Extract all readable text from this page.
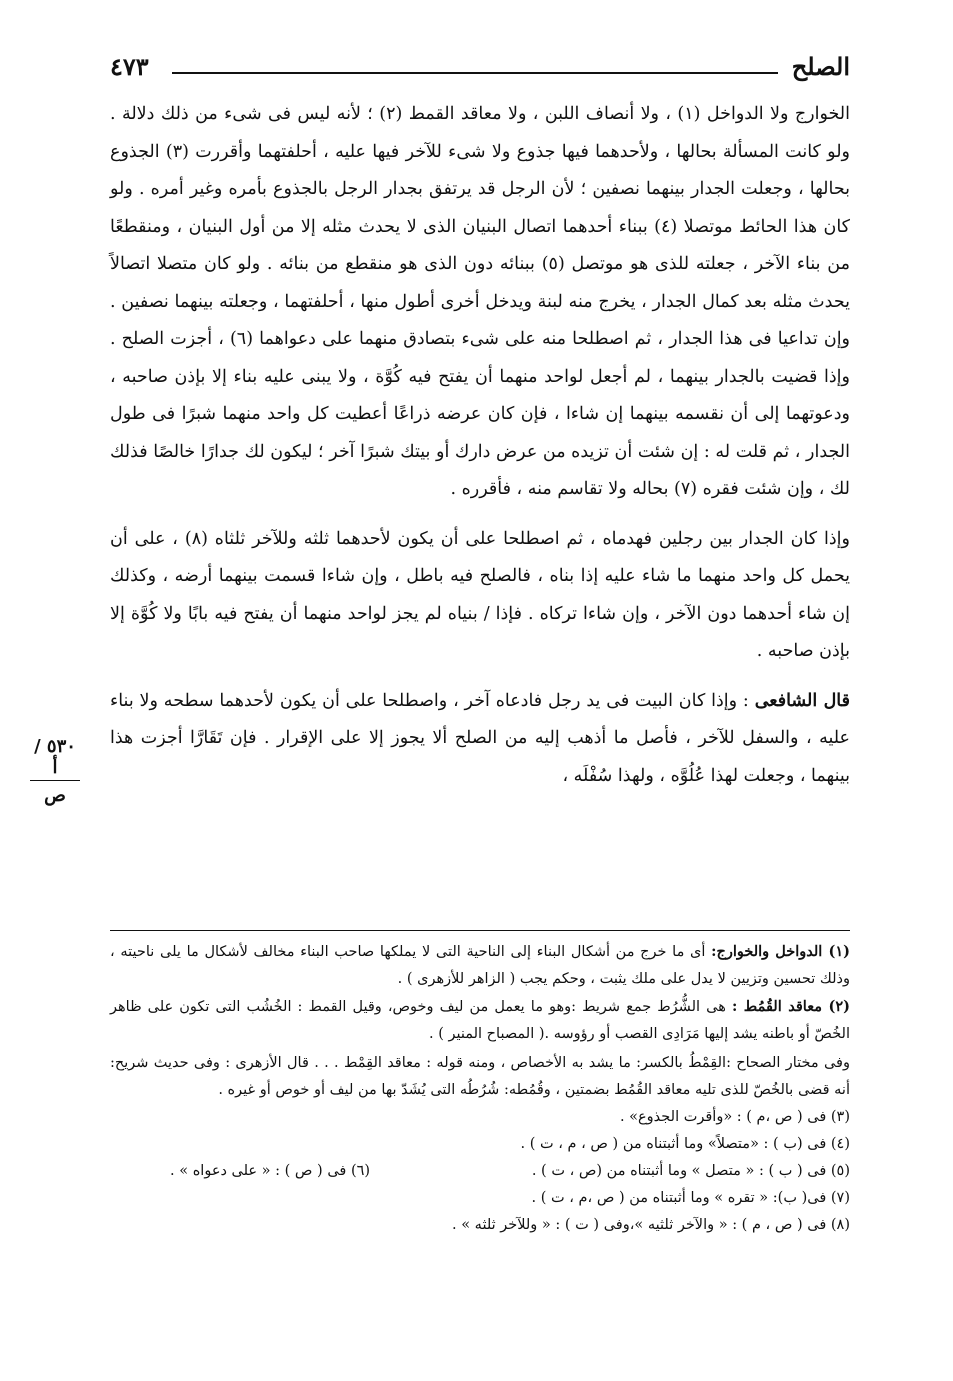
الصلح
٤٧٣
٥٣٠ / أ
ص

الخوارج ولا الدواخل (١) ، ولا أنصاف اللبن ، ولا معاقد القمط (٢) ؛ لأنه ليس فى شىء من ذلك دلالة . ولو كانت المسألة بحالها ، ولأحدهما فيها جذوع ولا شىء للآخر فيها عليه ، أحلفتهما وأقررت (٣) الجذوع بحالها ، وجعلت الجدار بينهما نصفين ؛ لأن الرجل قد يرتفق بجدار الرجل بالجذوع بأمره وغير أمره . ولو كان هذا الحائط موتصلا (٤) ببناء أحدهما اتصال البنيان الذى لا يحدث مثله إلا من أول البنيان ، ومنقطعًا من بناء الآخر ، جعلته للذى هو موتصل (٥) ببنائه دون الذى هو منقطع من بنائه . ولو كان متصلا اتصالاً يحدث مثله بعد كمال الجدار ، يخرج منه لبنة ويدخل أخرى أطول منها ، أحلفتهما ، وجعلته بينهما نصفين . وإن تداعيا فى هذا الجدار ، ثم اصطلحا منه على شىء بتصادق منهما على دعواهما (٦) ، أجزت الصلح . وإذا قضيت بالجدار بينهما ، لم أجعل لواحد منهما أن يفتح فيه كُوَّة ، ولا يبنى عليه بناء إلا بإذن صاحبه ، ودعوتهما إلى أن نقسمه بينهما إن شاءا ، فإن كان عرضه ذراعًا أعطيت كل واحد منهما شبرًا فى طول الجدار ، ثم قلت له : إن شئت أن تزيده من عرض دارك أو بيتك شبرًا آخر ؛ ليكون لك جدارًا خالصًا فذلك لك ، وإن شئت فقره (٧) بحاله ولا تقاسم منه ، فأقرره .

وإذا كان الجدار بين رجلين فهدماه ، ثم اصطلحا على أن يكون لأحدهما ثلثه وللآخر ثلثاه (٨) ، على أن يحمل كل واحد منهما ما شاء عليه إذا بناه ، فالصلح فيه باطل ، وإن شاءا قسمت بينهما أرضه ، وكذلك إن شاء أحدهما دون الآخر ، وإن شاءا تركاه . فإذا / بنياه لم يجز لواحد منهما أن يفتح فيه بابًا ولا كُوَّة إلا بإذن صاحبه .

قال الشافعى : وإذا كان البيت فى يد رجل فادعاه آخر ، واصطلحا على أن يكون لأحدهما سطحه ولا بناء عليه ، والسفل للآخر ، فأصل ما أذهب إليه من الصلح ألا يجوز إلا على الإقرار . فإن تَقَارَّا أجزت هذا بينهما ، وجعلت لهذا عُلُوَّه ، ولهذا سُفْلَه ،

(١) الدواخل والخوارج: أى ما خرج من أشكال البناء إلى الناحية التى لا يملكها صاحب البناء مخالف لأشكال ما يلى ناحيته ، وذلك تحسين وتزيين لا يدل على ملك يثبت ، وحكم يجب ( الزاهر للأزهرى ) .

(٢) معاقد القُمُط : هى الشُّرُط جمع شريط :وهو ما يعمل من ليف وخوص، وقيل القمط : الخُشُب التى تكون على ظاهر الخُصّ أو باطنه يشد إليها مَرَادِى القصب أو رؤوسه .( المصباح المنير ) .

وفى مختار الصحاح :القِمْطُ بالكسر: ما يشد به الأخصاص ، ومنه قوله : معاقد القِمْط . . . قال الأزهرى : وفى حديث شريح: أنه قضى بالخُصّ للذى تليه معاقد القُمُط بضمتين ، وقُمُطه: شُرُطُه التى يُشَدّ بها من ليف أو خوص أو غيره .

(٣) فى ( ص ،م ) : «وأقرت الجذوع» .

(٤) فى (ب ) : «متصلاً» وما أثبتناه من ( ص ، م ، ت ) .

(٥) فى ( ب ) : « متصل » وما أثبتناه من (ص ، ت ) .

(٦) فى ( ص ) : « على دعواه » .

(٧) فى( ب): « تقره » وما أثبتناه من ( ص ،م ، ت ) .

(٨) فى ( ص ، م ) : « والآخر ثلثيه »،وفى ( ت ) : « وللآخر ثلثه » .
